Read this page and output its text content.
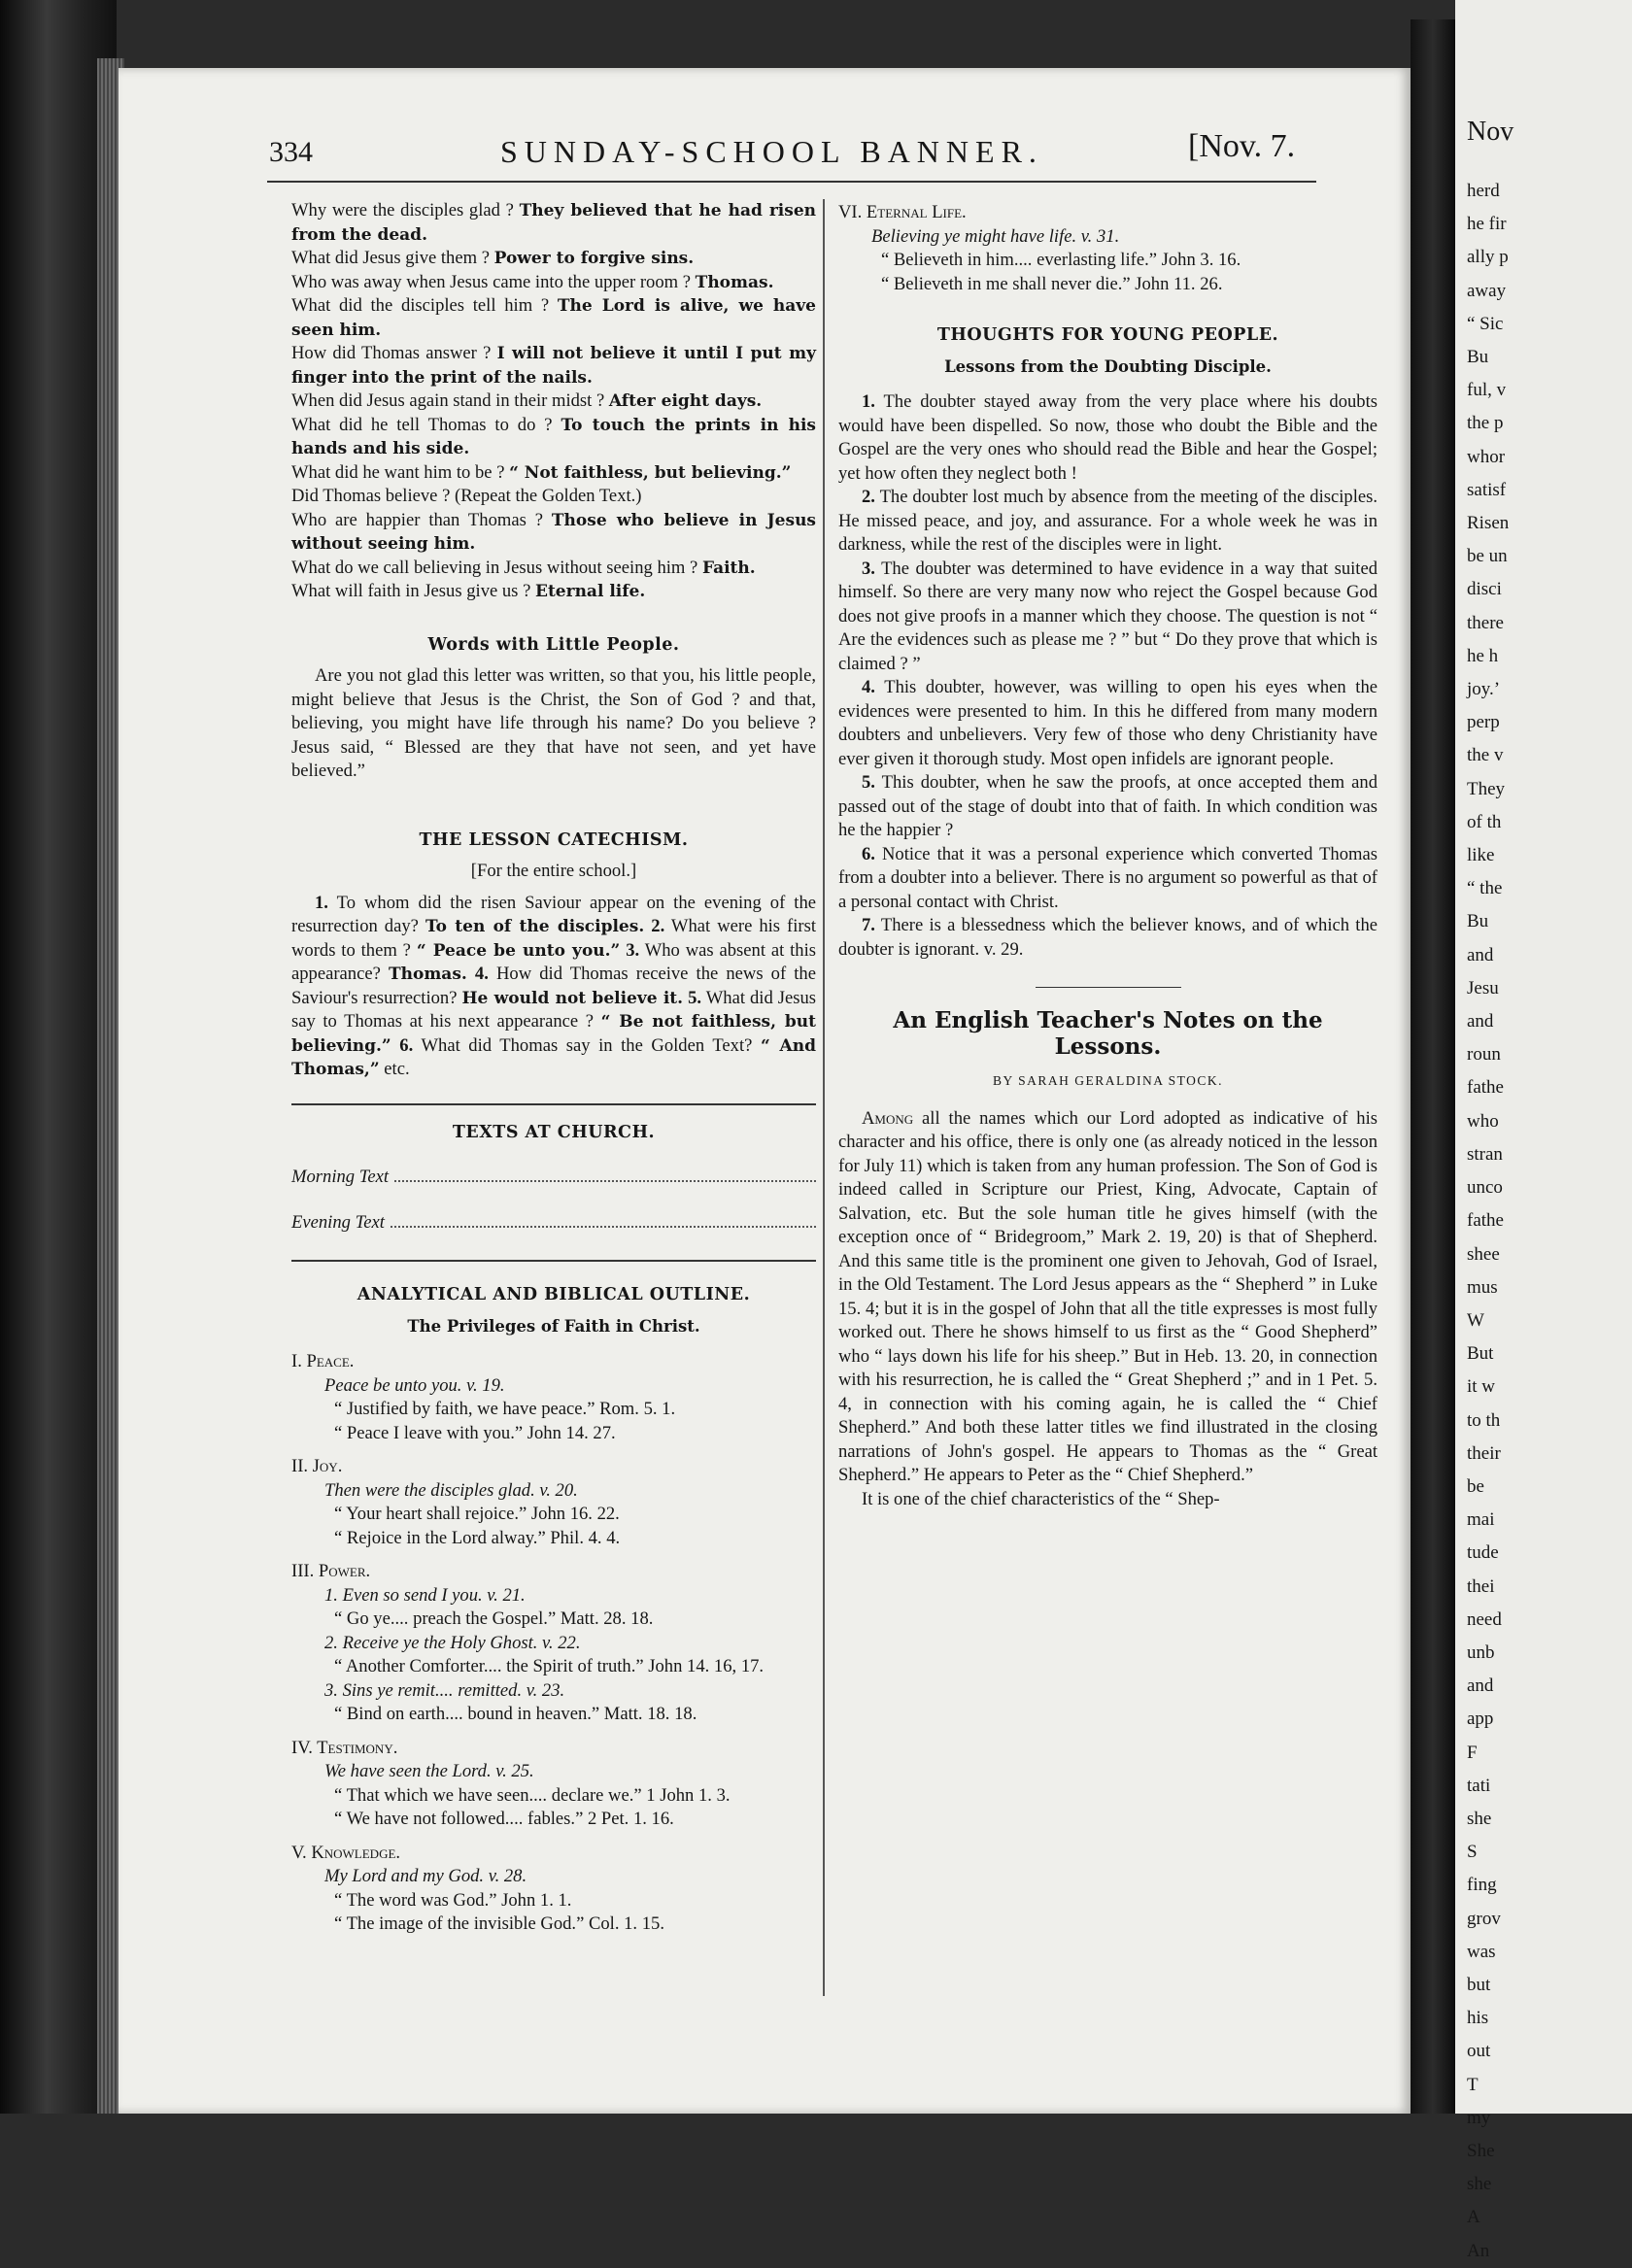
Nov
herd
he fir
ally p
away
“ Sic
Bu
ful, v
the p
whor
satisf
Risen
be un
disci
there
he h
joy.’
perp
the v
They
of th
like
“ the
Bu
and
Jesu
and
roun
fathe
who
stran
unco
fathe
shee
mus
W
But
it w
to th
their
be
mai
tude
thei
need
unb
and
app
F
tati
she
S
fing
grov
was
but
his
out
T
my
She
she
A
An
334	SUNDAY-SCHOOL BANNER.	[Nov. 7.

Why were the disciples glad ? They believed that he had risen from the dead.

What did Jesus give them ? Power to forgive sins.

Who was away when Jesus came into the upper room ? Thomas.

What did the disciples tell him ? The Lord is alive, we have seen him.

How did Thomas answer ? I will not believe it until I put my finger into the print of the nails.

When did Jesus again stand in their midst ? After eight days.

What did he tell Thomas to do ? To touch the prints in his hands and his side.

What did he want him to be ? “ Not faithless, but believing.”

Did Thomas believe ? (Repeat the Golden Text.)

Who are happier than Thomas ? Those who believe in Jesus without seeing him.

What do we call believing in Jesus without seeing him ? Faith.

What will faith in Jesus give us ? Eternal life.

Words with Little People.

Are you not glad this letter was written, so that you, his little people, might believe that Jesus is the Christ, the Son of God ? and that, believing, you might have life through his name? Do you believe ? Jesus said, “ Blessed are they that have not seen, and yet have believed.”

THE LESSON CATECHISM.
[For the entire school.]

1. To whom did the risen Saviour appear on the evening of the resurrection day? To ten of the disciples. 2. What were his first words to them ? “ Peace be unto you.” 3. Who was absent at this appearance? Thomas. 4. How did Thomas receive the news of the Saviour's resurrection? He would not believe it. 5. What did Jesus say to Thomas at his next appearance ? “ Be not faithless, but believing.” 6. What did Thomas say in the Golden Text? “ And Thomas,” etc.

TEXTS AT CHURCH.
Morning Text
Evening Text
ANALYTICAL AND BIBLICAL OUTLINE.
The Privileges of Faith in Christ.
I. Peace.
Peace be unto you. v. 19.
“ Justified by faith, we have peace.” Rom. 5. 1.
“ Peace I leave with you.” John 14. 27.
II. Joy.
Then were the disciples glad. v. 20.
“ Your heart shall rejoice.” John 16. 22.
“ Rejoice in the Lord alway.” Phil. 4. 4.
III. Power.
1. Even so send I you. v. 21.
“ Go ye.... preach the Gospel.” Matt. 28. 18.
2. Receive ye the Holy Ghost. v. 22.
“ Another Comforter.... the Spirit of truth.” John 14. 16, 17.
3. Sins ye remit.... remitted. v. 23.
“ Bind on earth.... bound in heaven.” Matt. 18. 18.
IV. Testimony.
We have seen the Lord. v. 25.
“ That which we have seen.... declare we.” 1 John 1. 3.
“ We have not followed.... fables.” 2 Pet. 1. 16.
V. Knowledge.
My Lord and my God. v. 28.
“ The word was God.” John 1. 1.
“ The image of the invisible God.” Col. 1. 15.
VI. Eternal Life.
Believing ye might have life. v. 31.
“ Believeth in him.... everlasting life.” John 3. 16.
“ Believeth in me shall never die.” John 11. 26.
THOUGHTS FOR YOUNG PEOPLE.
Lessons from the Doubting Disciple.

1. The doubter stayed away from the very place where his doubts would have been dispelled. So now, those who doubt the Bible and the Gospel are the very ones who should read the Bible and hear the Gospel; yet how often they neglect both !

2. The doubter lost much by absence from the meeting of the disciples. He missed peace, and joy, and assurance. For a whole week he was in darkness, while the rest of the disciples were in light.

3. The doubter was determined to have evidence in a way that suited himself. So there are very many now who reject the Gospel because God does not give proofs in a manner which they choose. The question is not “ Are the evidences such as please me ? ” but “ Do they prove that which is claimed ? ”

4. This doubter, however, was willing to open his eyes when the evidences were presented to him. In this he differed from many modern doubters and unbelievers. Very few of those who deny Christianity have ever given it thorough study. Most open infidels are ignorant people.

5. This doubter, when he saw the proofs, at once accepted them and passed out of the stage of doubt into that of faith. In which condition was he the happier ?

6. Notice that it was a personal experience which converted Thomas from a doubter into a believer. There is no argument so powerful as that of a personal contact with Christ.

7. There is a blessedness which the believer knows, and of which the doubter is ignorant. v. 29.

An English Teacher's Notes on the Lessons.
BY SARAH GERALDINA STOCK.

Among all the names which our Lord adopted as indicative of his character and his office, there is only one (as already noticed in the lesson for July 11) which is taken from any human profession. The Son of God is indeed called in Scripture our Priest, King, Advocate, Captain of Salvation, etc. But the sole human title he gives himself (with the exception once of “ Bridegroom,” Mark 2. 19, 20) is that of Shepherd. And this same title is the prominent one given to Jehovah, God of Israel, in the Old Testament. The Lord Jesus appears as the “ Shepherd ” in Luke 15. 4; but it is in the gospel of John that all the title expresses is most fully worked out. There he shows himself to us first as the “ Good Shepherd” who “ lays down his life for his sheep.” But in Heb. 13. 20, in connection with his resurrection, he is called the “ Great Shepherd ;” and in 1 Pet. 5. 4, in connection with his coming again, he is called the “ Chief Shepherd.” And both these latter titles we find illustrated in the closing narrations of John's gospel. He appears to Thomas as the “ Great Shepherd.” He appears to Peter as the “ Chief Shepherd.”

It is one of the chief characteristics of the “ Shep-
